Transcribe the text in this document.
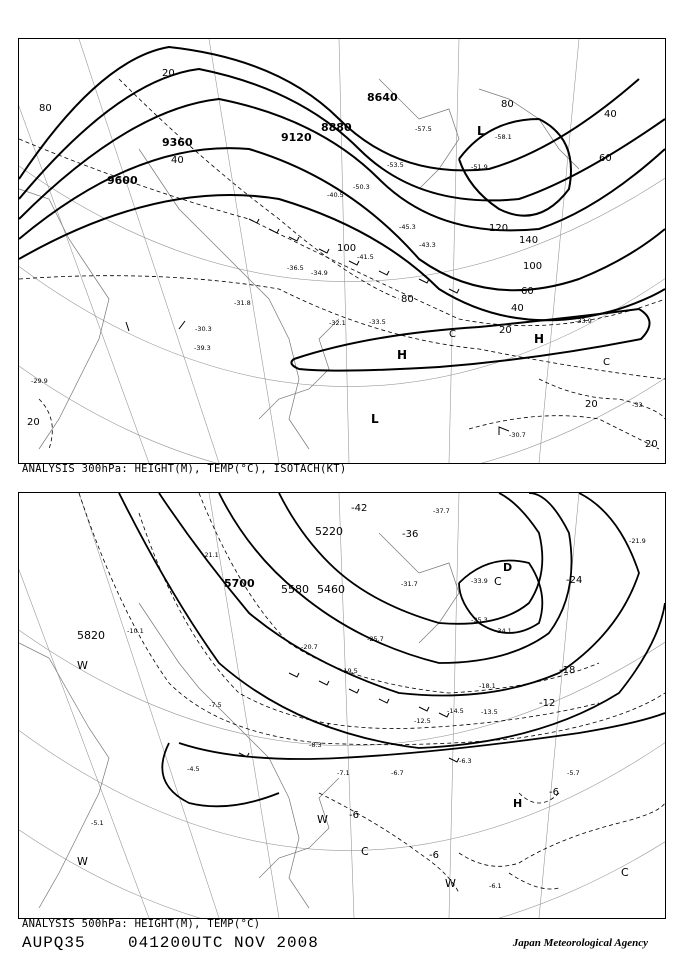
9600
9360	9120
8880
8640
80
40
20
120
140
100
80
60
40
20
20
20
20
100
60
40
80
H
L
L
H
C
C
-39.3
-33.9
-30.7
-30.3
-29.9
-31.8
-32.1	-33.5
-34.9
-36.5
-40.5
-41.5
-43.3
-45.3
-50.3
-51.9
-53.5
-57.5
-58.1
-33
ANALYSIS 300hPa: HEIGHT(M), TEMP(°C), ISOTACH(KT)
5700
5820
5580 5460
5220
-42
-36
-24
-18
-12
-6
-6
-6
W
W
W
W
C
C
C
H
D
-21.1
-21.9
-31.7	-33.9
-35.3
-34.1
-18.1
-13.5
-12.5
-14.5
-8.3
-6.7
-7.1
-6.1
-5.7
-4.5
-7.5
-6.3
-5.1
-10.1
-20.7
-19.5
-25.7
-37.7
ANALYSIS 500hPa: HEIGHT(M), TEMP(°C)
AUPQ35	041200UTC NOV 2008	Japan Meteorological Agency
